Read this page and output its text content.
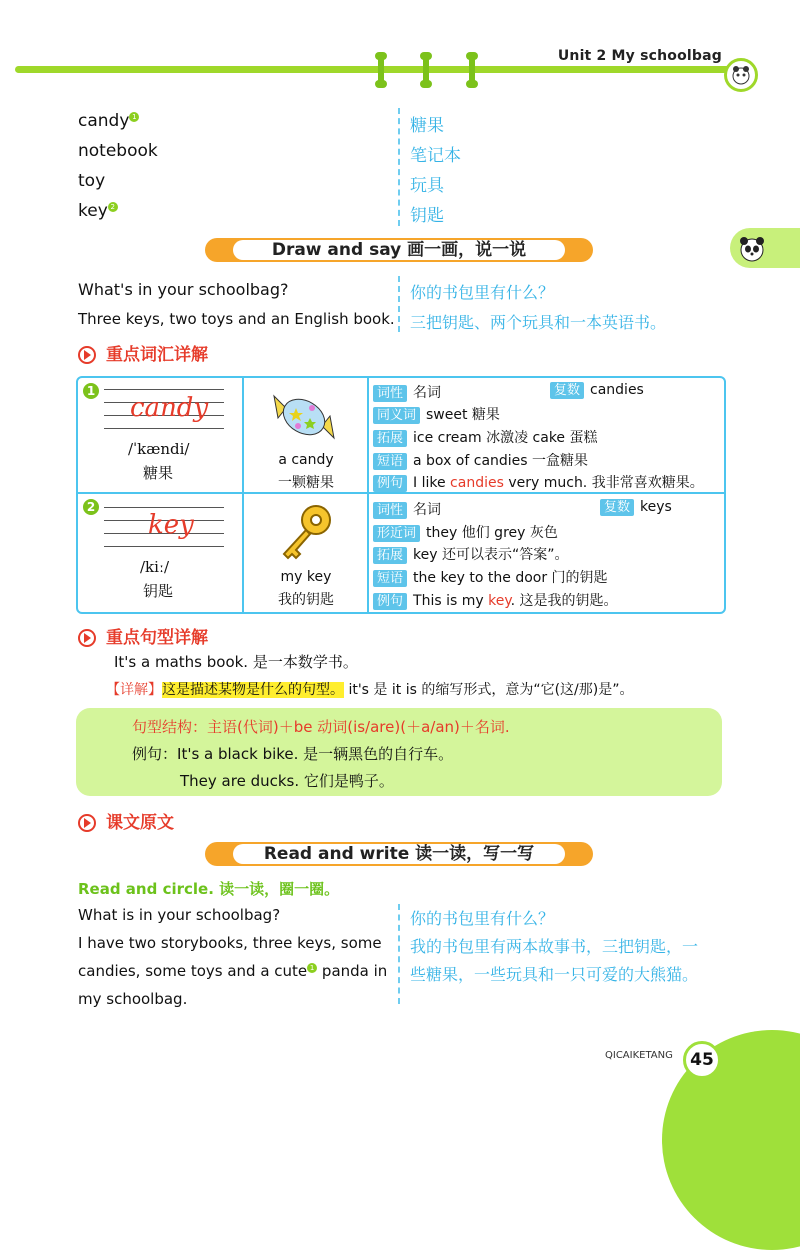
Unit 2 My schoolbag
candy 1	糖果
notebook	笔记本
toy	玩具
key 2	钥匙
Draw and say 画一画，说一说
What's in your schoolbag?	你的书包里有什么？
Three keys, two toys and an English book. 三把钥匙、两个玩具和一本英语书。
重点词汇详解
1
candy
/ˈkændi/
糖果
a candy
一颗糖果
词性 名词	复数 candies
同义词 sweet 糖果
拓展 ice cream 冰激凌 cake 蛋糕
短语 a box of candies 一盒糖果
例句 I like candies very much. 我非常喜欢糖果。
2
key
/kiː/
钥匙
my key
我的钥匙
词性 名词	复数 keys
形近词 they 他们 grey 灰色
拓展 key 还可以表示“答案”。
短语 the key to the door 门的钥匙
例句 This is my key. 这是我的钥匙。
重点句型详解
It's a maths book. 是一本数学书。
【详解】这是描述某物是什么的句型。 it's 是 it is 的缩写形式，意为“它(这/那)是”。
句型结构：主语(代词)＋be 动词(is/are)(＋a/an)＋名词.
例句：It's a black bike. 是一辆黑色的自行车。
They are ducks. 它们是鸭子。
课文原文
Read and write 读一读，写一写
Read and circle. 读一读，圈一圈。
What is in your schoolbag?	你的书包里有什么？
I have two storybooks, three keys, some 我的书包里有两本故事书，三把钥匙，一
candies, some toys and a cute 1 panda in 些糖果，一些玩具和一只可爱的大熊猫。
my schoolbag.
QICAIKETANG	45
